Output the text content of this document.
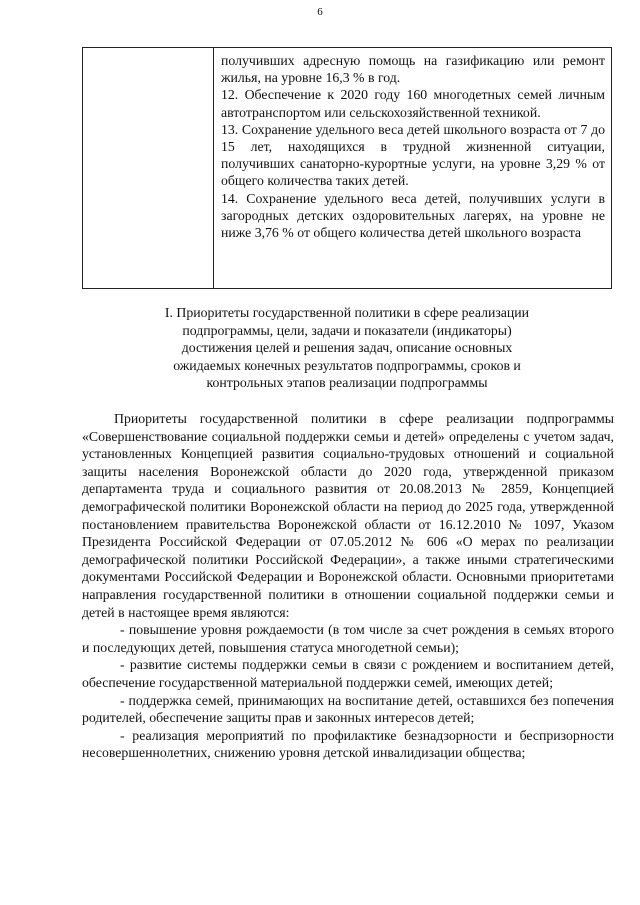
6

получивших адресную помощь на газификацию или ремонт жилья, на уровне 16,3 % в год.

12. Обеспечение к 2020 году 160 многодетных семей личным автотранспортом или сельскохозяйственной техникой.

13. Сохранение удельного веса детей школьного возраста от 7 до 15 лет, находящихся в трудной жизненной ситуации, получивших санаторно-курортные услуги, на уровне 3,29 % от общего количества таких детей.

14. Сохранение удельного веса детей, получивших услуги в загородных детских оздоровительных лагерях, на уровне не ниже 3,76 % от общего количества детей школьного возраста

I. Приоритеты государственной политики в сфере реализации
подпрограммы, цели, задачи и показатели (индикаторы)
достижения целей и решения задач, описание основных
ожидаемых конечных результатов подпрограммы, сроков и
контрольных этапов реализации подпрограммы

Приоритеты государственной политики в сфере реализации подпрограммы «Совершенствование социальной поддержки семьи и детей» определены с учетом задач, установленных Концепцией развития социально-трудовых отношений и социальной защиты населения Воронежской области до 2020 года, утвержденной приказом департамента труда и социального развития от 20.08.2013 № 2859, Концепцией демографической политики Воронежской области на период до 2025 года, утвержденной постановлением правительства Воронежской области от 16.12.2010 № 1097, Указом Президента Российской Федерации от 07.05.2012 № 606 «О мерах по реализации демографической политики Российской Федерации», а также иными стратегическими документами Российской Федерации и Воронежской области. Основными приоритетами направления государственной политики в отношении социальной поддержки семьи и детей в настоящее время являются:

- повышение уровня рождаемости (в том числе за счет рождения в семьях второго и последующих детей, повышения статуса многодетной семьи);

- развитие системы поддержки семьи в связи с рождением и воспитанием детей, обеспечение государственной материальной поддержки семей, имеющих детей;

- поддержка семей, принимающих на воспитание детей, оставшихся без попечения родителей, обеспечение защиты прав и законных интересов детей;

- реализация мероприятий по профилактике безнадзорности и беспризорности несовершеннолетних, снижению уровня детской инвалидизации общества;
